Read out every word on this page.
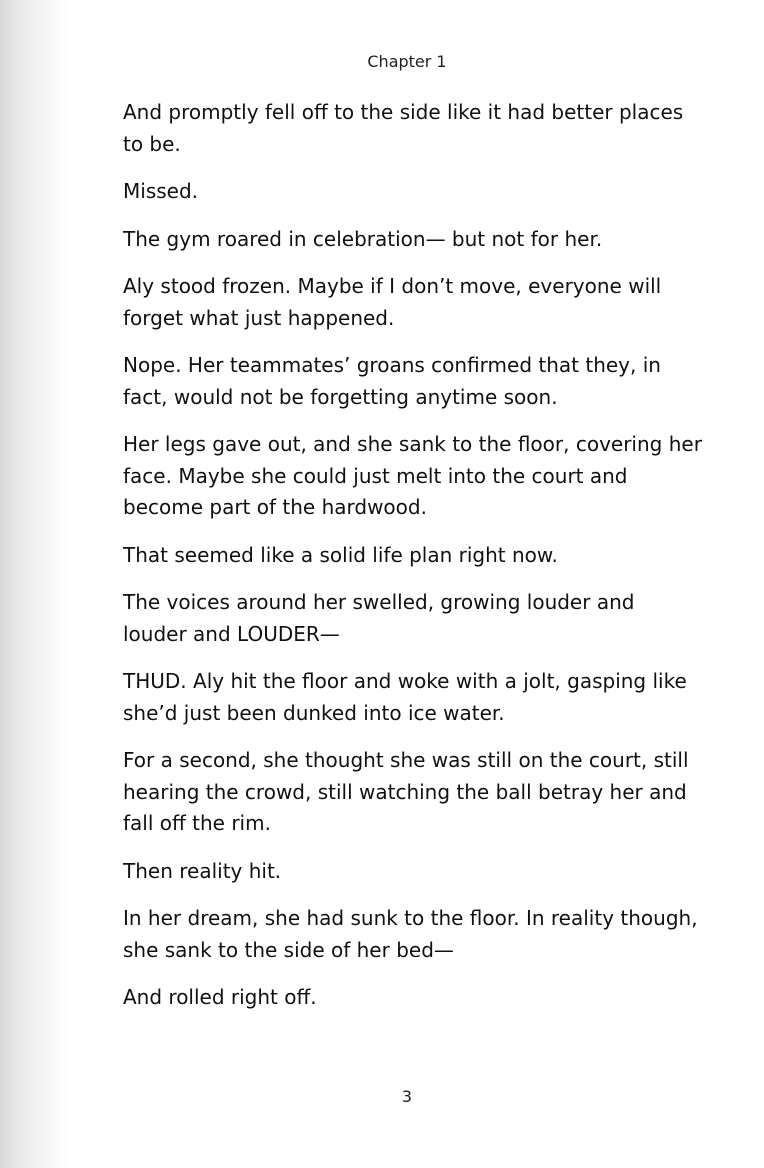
Chapter 1

And promptly fell off to the side like it had better places to be.

Missed.

The gym roared in celebration— but not for her.

Aly stood frozen. Maybe if I don’t move, everyone will forget what just happened.

Nope. Her teammates’ groans confirmed that they, in fact, would not be forgetting anytime soon.

Her legs gave out, and she sank to the floor, covering her face. Maybe she could just melt into the court and become part of the hardwood.

That seemed like a solid life plan right now.

The voices around her swelled, growing louder and louder and LOUDER—

THUD. Aly hit the floor and woke with a jolt, gasping like she’d just been dunked into ice water.

For a second, she thought she was still on the court, still hearing the crowd, still watching the ball betray her and fall off the rim.

Then reality hit.

In her dream, she had sunk to the floor. In reality though, she sank to the side of her bed—

And rolled right off.

3
